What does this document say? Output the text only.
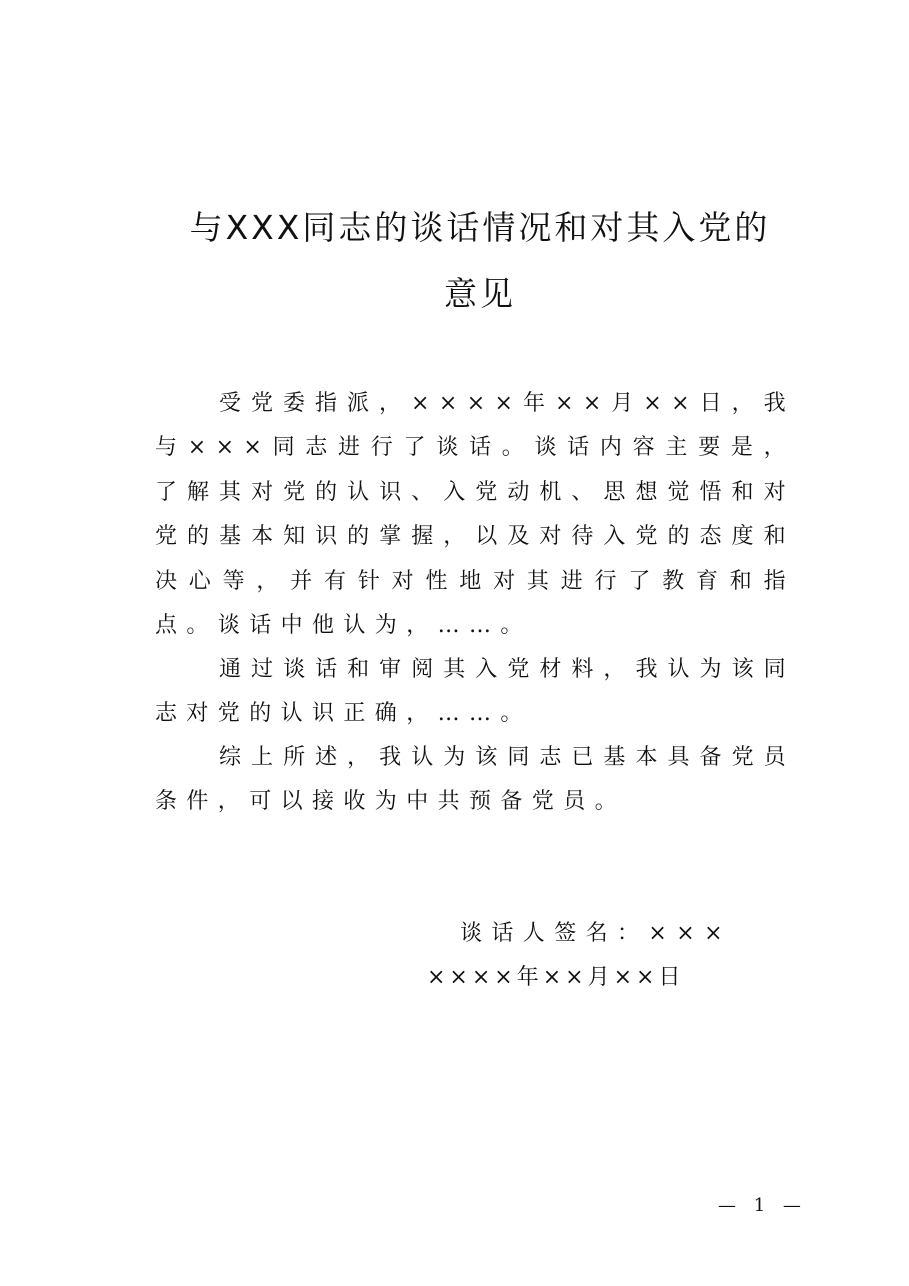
与XXX同志的谈话情况和对其入党的
意见

受党委指派，××××年××月××日，我与×××同志进行了谈话。谈话内容主要是，了解其对党的认识、入党动机、思想觉悟和对党的基本知识的掌握，以及对待入党的态度和决心等，并有针对性地对其进行了教育和指点。谈话中他认为，……。

通过谈话和审阅其入党材料，我认为该同志对党的认识正确，……。

综上所述，我认为该同志已基本具备党员条件，可以接收为中共预备党员。

谈话人签名：×××

××××年××月××日

— 1 —
